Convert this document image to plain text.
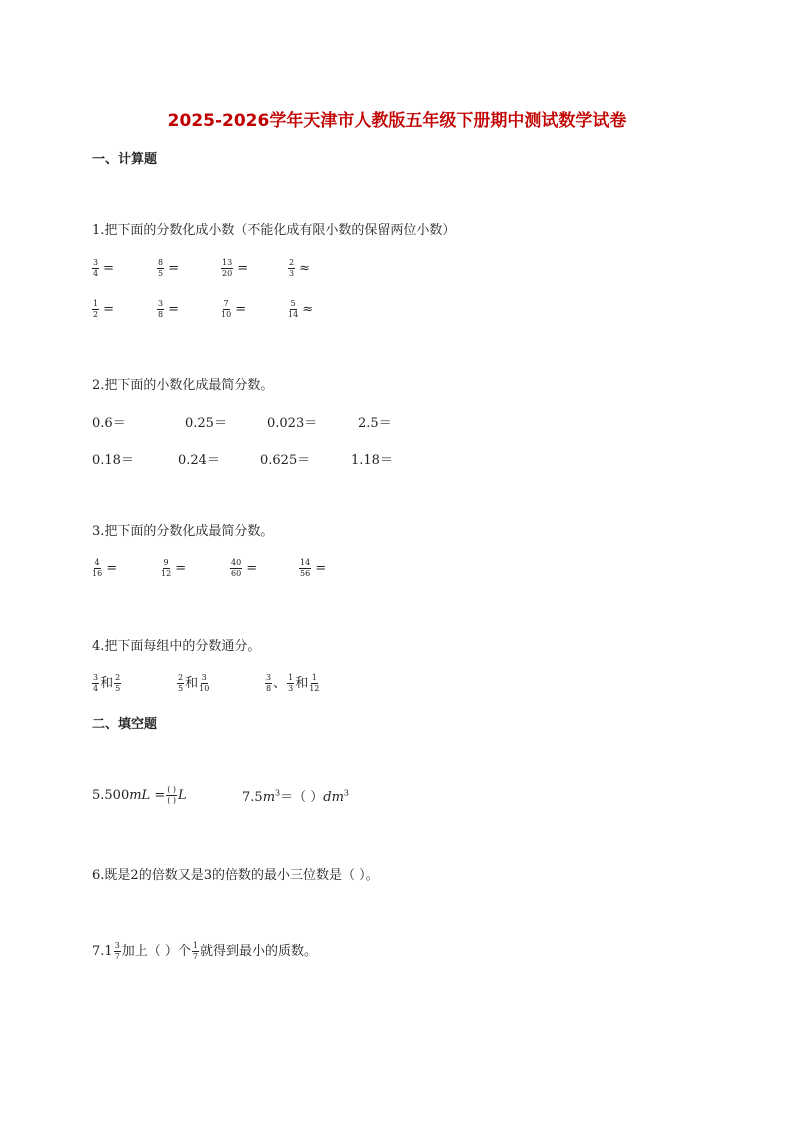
2025-2026学年天津市人教版五年级下册期中测试数学试卷
一、计算题
1.把下面的分数化成小数（不能化成有限小数的保留两位小数）
$\frac{3}{4}$ =	$\frac{8}{5}$ =	$\frac{13}{20}$ =	$\frac{2}{3}$ ≈
$\frac{1}{2}$ =	$\frac{3}{8}$ =	$\frac{7}{10}$ =	$\frac{5}{14}$ ≈
2.把下面的小数化成最简分数。
0.6＝	0.25＝	0.023＝	2.5＝
0.18＝	0.24＝	0.625＝	1.18＝
3.把下面的分数化成最简分数。
$\frac{4}{16}$ =	$\frac{9}{12}$ =	$\frac{40}{60}$ =	$\frac{14}{56}$ =
4.把下面每组中的分数通分。
$\frac{3}{4}$ 和 $\frac{2}{5}$	$\frac{2}{5}$ 和 $\frac{3}{10}$	$\frac{3}{8}$ 、 $\frac{1}{3}$ 和 $\frac{1}{12}$
二、填空题
$5.500mL = \frac{( )}{( )}$ L	$7.5m^3=$（ ）$dm^3$
6.既是2的倍数又是3的倍数的最小三位数是（ ）。
$7.1 \frac{3}{7}$ 加上（ ）个 $\frac{1}{7}$ 就得到最小的质数。
